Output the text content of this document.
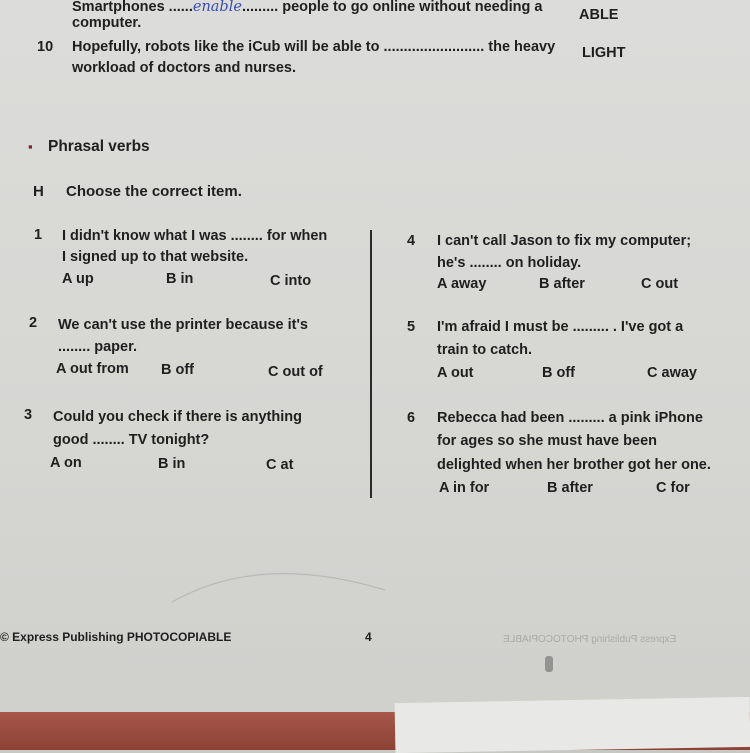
Smartphones ......enable......... people to go online without needing a
computer.	ABLE
10 Hopefully, robots like the iCub will be able to ......................... the heavy
workload of doctors and nurses.
LIGHT
▪ Phrasal verbs
H Choose the correct item.
1 I didn't know what I was ........ for when
I signed up to that website.
A up	B in	C into
2 We can't use the printer because it's
........ paper.
A out from B off	C out of
3 Could you check if there is anything
good ........ TV tonight?
A on	B in	C at
4 I can't call Jason to fix my computer;
he's ........ on holiday.
A away	B after	C out
5 I'm afraid I must be ......... . I've got a
train to catch.
A out	B off	C away
6 Rebecca had been ......... a pink iPhone
for ages so she must have been
delighted when her brother got her one.
A in for	B after	C for
© Express Publishing PHOTOCOPIABLE	4	Express Publishing PHOTOCOPIABLE
